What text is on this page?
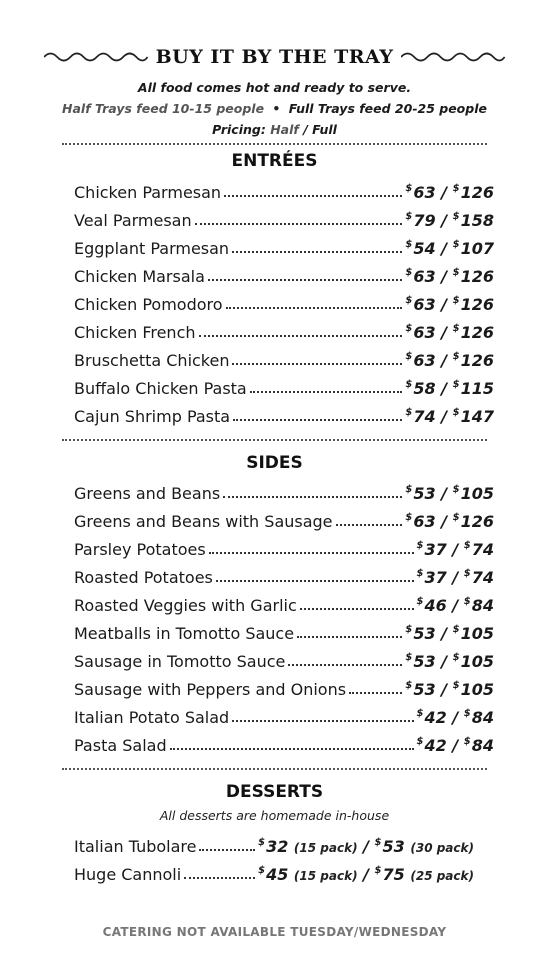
BUY IT BY THE TRAY
All food comes hot and ready to serve.
Half Trays feed 10-15 people • Full Trays feed 20-25 people
Pricing: Half / Full
ENTRÉES
Chicken Parmesan	$63 / $126
Veal Parmesan	$79 / $158
Eggplant Parmesan	$54 / $107
Chicken Marsala	$63 / $126
Chicken Pomodoro	$63 / $126
Chicken French	$63 / $126
Bruschetta Chicken	$63 / $126
Buffalo Chicken Pasta	$58 / $115
Cajun Shrimp Pasta	$74 / $147
SIDES
Greens and Beans	$53 / $105
Greens and Beans with Sausage	$63 / $126
Parsley Potatoes	$37 / $74
Roasted Potatoes	$37 / $74
Roasted Veggies with Garlic	$46 / $84
Meatballs in Tomotto Sauce	$53 / $105
Sausage in Tomotto Sauce	$53 / $105
Sausage with Peppers and Onions	$53 / $105
Italian Potato Salad	$42 / $84
Pasta Salad	$42 / $84
DESSERTS
All desserts are homemade in-house
Italian Tubolare	$32 (15 pack) / $53 (30 pack)
Huge Cannoli	$45 (15 pack) / $75 (25 pack)
CATERING NOT AVAILABLE TUESDAY/WEDNESDAY
